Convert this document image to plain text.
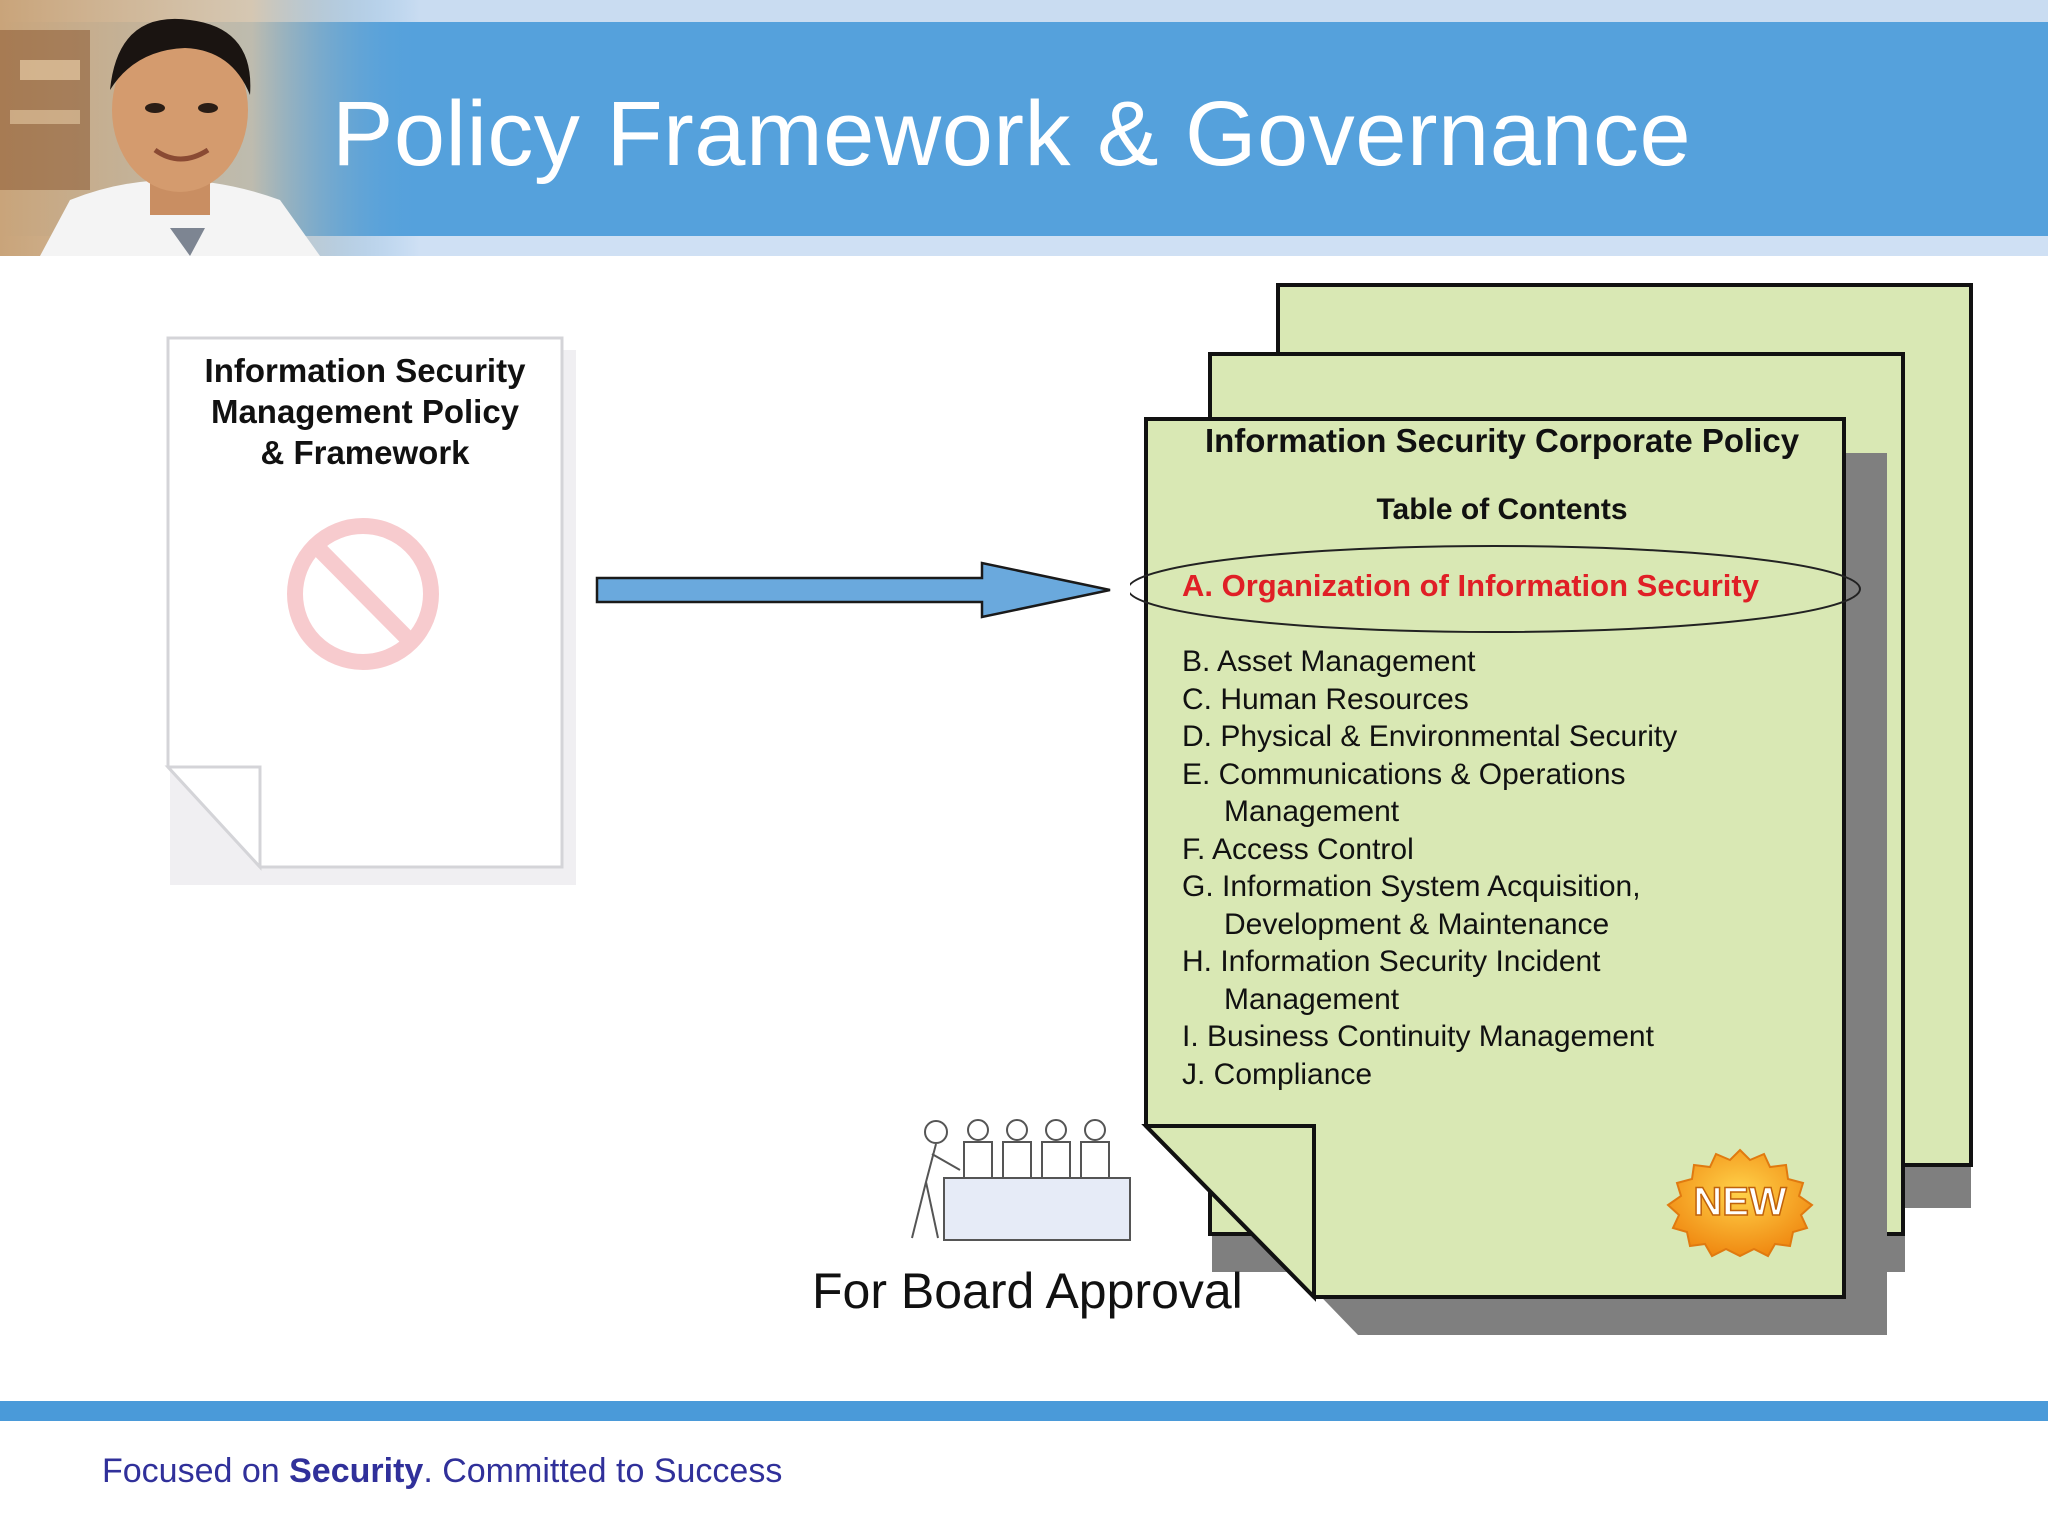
Policy Framework & Governance
Information Security
Management Policy
& Framework	Information Security Corporate Policy
Table of Contents
A. Organization of Information Security
B. Asset Management
C. Human Resources
D. Physical & Environmental Security
E. Communications & Operations
Management
F. Access Control
G. Information System Acquisition,
Development & Maintenance
H. Information Security Incident
Management
I. Business Continuity Management
J. Compliance
NEW
For Board Approval
Focused on Security. Committed to Success
